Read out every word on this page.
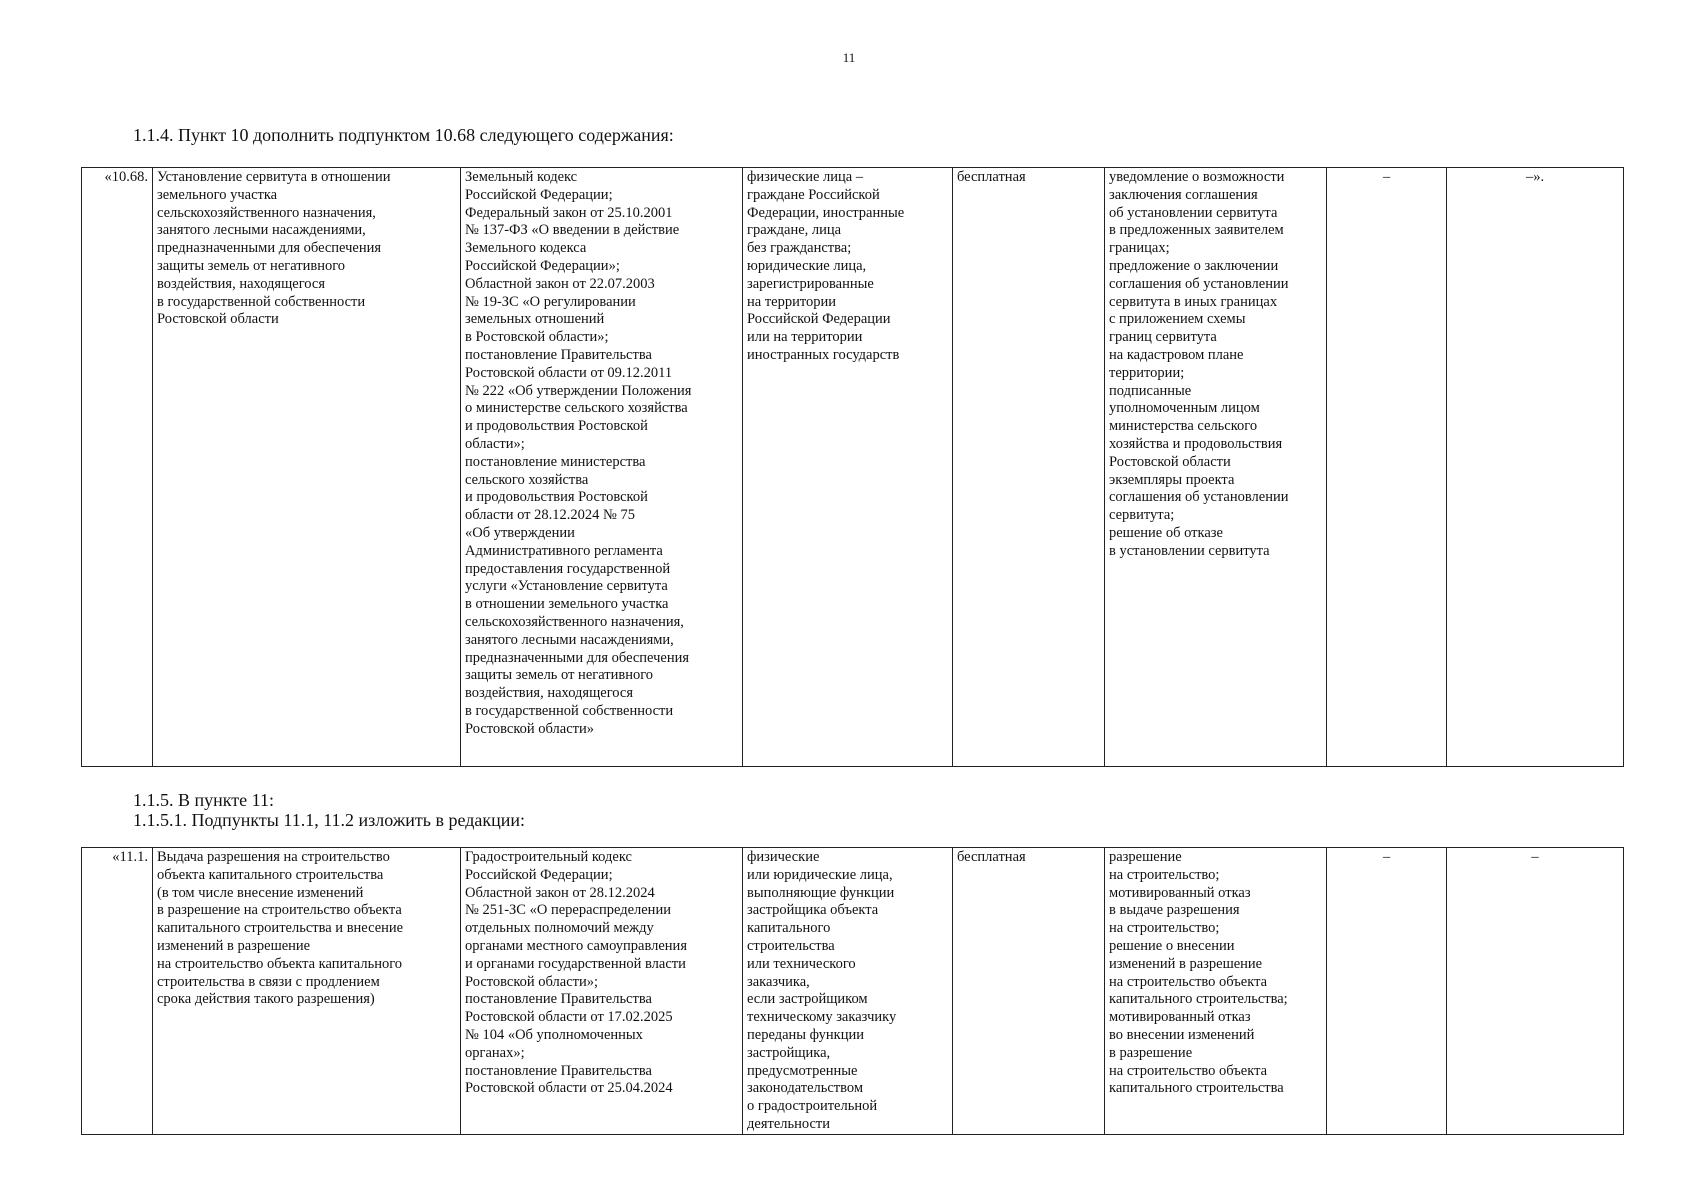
11
1.1.4. Пункт 10 дополнить подпунктом 10.68 следующего содержания:
«10.68.	Установление сервитута в отношении
земельного участка
сельскохозяйственного назначения,
занятого лесными насаждениями,
предназначенными для обеспечения
защиты земель от негативного
воздействия, находящегося
в государственной собственности
Ростовской области	Земельный кодекс
Российской Федерации;
Федеральный закон от 25.10.2001
№ 137-ФЗ «О введении в действие
Земельного кодекса
Российской Федерации»;
Областной закон от 22.07.2003
№ 19-ЗС «О регулировании
земельных отношений
в Ростовской области»;
постановление Правительства
Ростовской области от 09.12.2011
№ 222 «Об утверждении Положения
о министерстве сельского хозяйства
и продовольствия Ростовской
области»;
постановление министерства
сельского хозяйства
и продовольствия Ростовской
области от 28.12.2024 № 75
«Об утверждении
Административного регламента
предоставления государственной
услуги «Установление сервитута
в отношении земельного участка
сельскохозяйственного назначения,
занятого лесными насаждениями,
предназначенными для обеспечения
защиты земель от негативного
воздействия, находящегося
в государственной собственности
Ростовской области»	физические лица –
граждане Российской
Федерации, иностранные
граждане, лица
без гражданства;
юридические лица,
зарегистрированные
на территории
Российской Федерации
или на территории
иностранных государств	бесплатная	уведомление о возможности
заключения соглашения
об установлении сервитута
в предложенных заявителем
границах;
предложение о заключении
соглашения об установлении
сервитута в иных границах
с приложением схемы
границ сервитута
на кадастровом плане
территории;
подписанные
уполномоченным лицом
министерства сельского
хозяйства и продовольствия
Ростовской области
экземпляры проекта
соглашения об установлении
сервитута;
решение об отказе
в установлении сервитута	–	–».
1.1.5. В пункте 11:
1.1.5.1. Подпункты 11.1, 11.2 изложить в редакции:
«11.1.	Выдача разрешения на строительство
объекта капитального строительства
(в том числе внесение изменений
в разрешение на строительство объекта
капитального строительства и внесение
изменений в разрешение
на строительство объекта капитального
строительства в связи с продлением
срока действия такого разрешения)	Градостроительный кодекс
Российской Федерации;
Областной закон от 28.12.2024
№ 251-ЗС «О перераспределении
отдельных полномочий между
органами местного самоуправления
и органами государственной власти
Ростовской области»;
постановление Правительства
Ростовской области от 17.02.2025
№ 104 «Об уполномоченных
органах»;
постановление Правительства
Ростовской области от 25.04.2024	физические
или юридические лица,
выполняющие функции
застройщика объекта
капитального
строительства
или технического
заказчика,
если застройщиком
техническому заказчику
переданы функции
застройщика,
предусмотренные
законодательством
о градостроительной
деятельности	бесплатная	разрешение
на строительство;
мотивированный отказ
в выдаче разрешения
на строительство;
решение о внесении
изменений в разрешение
на строительство объекта
капитального строительства;
мотивированный отказ
во внесении изменений
в разрешение
на строительство объекта
капитального строительства	–	–
